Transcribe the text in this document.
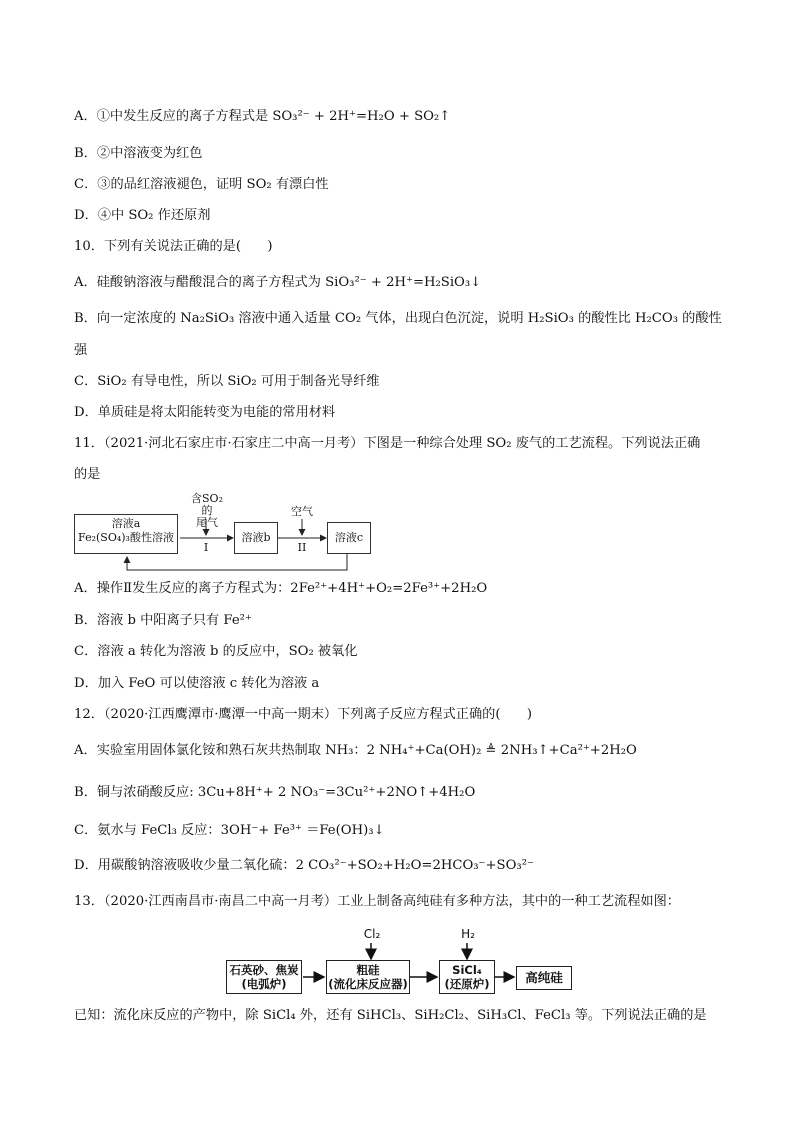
A．①中发生反应的离子方程式是 SO₃²⁻ + 2H⁺=H₂O + SO₂↑
B．②中溶液变为红色
C．③的品红溶液褪色，证明 SO₂ 有漂白性
D．④中 SO₂ 作还原剂
10．下列有关说法正确的是(　　)
A．硅酸钠溶液与醋酸混合的离子方程式为 SiO₃²⁻ + 2H⁺=H₂SiO₃↓
B．向一定浓度的 Na₂SiO₃ 溶液中通入适量 CO₂ 气体，出现白色沉淀，说明 H₂SiO₃ 的酸性比 H₂CO₃ 的酸性
强
C．SiO₂ 有导电性，所以 SiO₂ 可用于制备光导纤维
D．单质硅是将太阳能转变为电能的常用材料
11．（2021·河北石家庄市·石家庄二中高一月考）下图是一种综合处理 SO₂ 废气的工艺流程。下列说法正确
的是
A．操作Ⅱ发生反应的离子方程式为：2Fe²⁺+4H⁺+O₂=2Fe³⁺+2H₂O
B．溶液 b 中阳离子只有 Fe²⁺
C．溶液 a 转化为溶液 b 的反应中，SO₂ 被氧化
D．加入 FeO 可以使溶液 c 转化为溶液 a
12．（2020·江西鹰潭市·鹰潭一中高一期末）下列离子反应方程式正确的(　　)
A．实验室用固体氯化铵和熟石灰共热制取 NH₃：2 NH₄⁺+Ca(OH)₂ ≜ 2NH₃↑+Ca²⁺+2H₂O
B．铜与浓硝酸反应: 3Cu+8H⁺+ 2 NO₃⁻=3Cu²⁺+2NO↑+4H₂O
C．氨水与 FeCl₃ 反应：3OH⁻+ Fe³⁺ ＝Fe(OH)₃↓
D．用碳酸钠溶液吸收少量二氧化硫：2 CO₃²⁻+SO₂+H₂O=2HCO₃⁻+SO₃²⁻
13．（2020·江西南昌市·南昌二中高一月考）工业上制备高纯硅有多种方法，其中的一种工艺流程如图：
已知：流化床反应的产物中，除 SiCl₄ 外，还有 SiHCl₃、SiH₂Cl₂、SiH₃Cl、FeCl₃ 等。下列说法正确的是
溶液a
Fe₂(SO₄)₃酸性溶液	溶液b	溶液c
含SO₂的
尾气
空气
I	II
石英砂、焦炭
(电弧炉)
粗硅
(流化床反应器)
SiCl₄
(还原炉)	高纯硅
Cl₂	H₂
